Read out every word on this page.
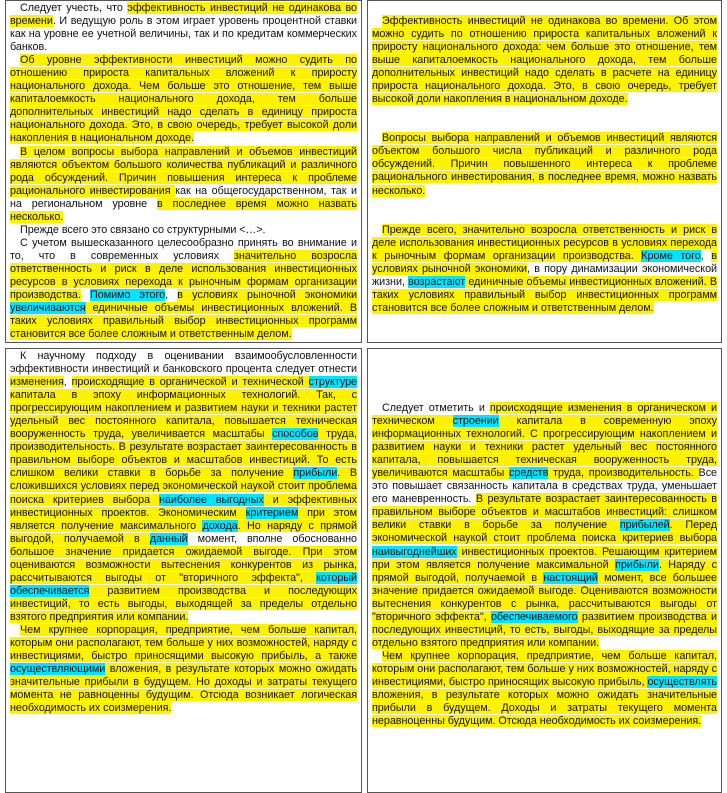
Следует учесть, что эффективность инвестиций не одинакова во времени. И ведущую роль в этом играет уровень процентной ставки как на уровне ее учетной величины, так и по кредитам коммерческих банков.

Об уровне эффективности инвестиций можно судить по отношению прироста капитальных вложений к приросту национального дохода. Чем больше это отношение, тем выше капиталоемкость национального дохода, тем больше дополнительных инвестиций надо сделать в единицу прироста национального дохода. Это, в свою очередь, требует высокой доли накопления в национальном доходе.

В целом вопросы выбора направлений и объемов инвестиций являются объектом большого количества публикаций и различного рода обсуждений. Причин повышения интереса к проблеме рационального инвестирования как на общегосударственном, так и на региональном уровне в последнее время можно назвать несколько.

Прежде всего это связано со структурными <…>.

С учетом вышесказанного целесообразно принять во внимание и то, что в современных условиях значительно возросла ответственность и риск в деле использования инвестиционных ресурсов в условиях перехода к рыночным формам организации производства. Помимо этого, в условиях рыночной экономики увеличиваются единичные объемы инвестиционных вложений. В таких условиях правильный выбор инвестиционных программ становится все более сложным и ответственным делом.

Эффективность инвестиций не одинакова во времени. Об этом можно судить по отношению прироста капитальных вложений к приросту национального дохода: чем больше это отношение, тем выше капиталоемкость национального дохода, тем больше дополнительных инвестиций надо сделать в расчете на единицу прироста национального дохода. Это, в свою очередь, требует высокой доли накопления в национальном доходе.

Вопросы выбора направлений и объемов инвестиций являются объектом большого числа публикаций и различного рода обсуждений. Причин повышенного интереса к проблеме рационального инвестирования, в последнее время, можно назвать несколько.

Прежде всего, значительно возросла ответственность и риск в деле использования инвестиционных ресурсов в условиях перехода к рыночным формам организации производства. Кроме того, в условиях рыночной экономики, в пору динамизации экономической жизни, возрастают единичные объемы инвестиционных вложений. В таких условиях правильный выбор инвестиционных программ становится все более сложным и ответственным делом.

К научному подходу в оценивании взаимообусловленности эффективности инвестиций и банковского процента следует отнести изменения, происходящие в органической и технической структуре капитала в эпоху информационных технологий. Так, с прогрессирующим накоплением и развитием науки и техники растет удельный вес постоянного капитала, повышается техническая вооруженность труда, увеличивается масштабы способов труда, производительность. В результате возрастает заинтересованность в правильном выборе объектов и масштабов инвестиций. То есть слишком велики ставки в борьбе за получение прибыли. В сложившихся условиях перед экономической наукой стоит проблема поиска критериев выбора наиболее выгодных и эффективных инвестиционных проектов. Экономическим критерием при этом является получение максимального дохода. Но наряду с прямой выгодой, получаемой в данный момент, вполне обоснованно большое значение придается ожидаемой выгоде. При этом оцениваются возможности вытеснения конкурентов из рынка, рассчитываются выгоды от "вторичного эффекта", который обеспечивается развитием производства и последующих инвестиций, то есть выгоды, выходящей за пределы отдельно взятого предприятия или компании.

Чем крупнее корпорация, предприятие, чем больше капитал, которым они располагают, тем больше у них возможностей, наряду с инвестициями, быстро приносящими высокую прибыль, а также осуществляющими вложения, в результате которых можно ожидать значительные прибыли в будущем. Но доходы и затраты текущего момента не равноценны будущим. Отсюда возникает логическая необходимость их соизмерения.

Следует отметить и происходящие изменения в органическом и техническом строении капитала в современную эпоху информационных технологий. С прогрессирующим накоплением и развитием науки и техники растет удельный вес постоянного капитала, повышается техническая вооруженность труда, увеличиваются масштабы средств труда, производительность. Все это повышает связанность капитала в средствах труда, уменьшает его маневренность. В результате возрастает заинтересованность в правильном выборе объектов и масштабов инвестиций: слишком велики ставки в борьбе за получение прибылей. Перед экономической наукой стоит проблема поиска критериев выбора наивыгоднейших инвестиционных проектов. Решающим критерием при этом является получение максимальной прибыли. Наряду с прямой выгодой, получаемой в настоящий момент, все большее значение придается ожидаемой выгоде. Оцениваются возможности вытеснения конкурентов с рынка, рассчитываются выгоды от "вторичного эффекта", обеспечиваемого развитием производства и последующих инвестиций, то есть, выгоды, выходящие за пределы отдельно взятого предприятия или компании.

Чем крупнее корпорация, предприятие, чем больше капитал, которым они располагают, тем больше у них возможностей, наряду с инвестициями, быстро приносящих высокую прибыль, осуществлять вложения, в результате которых можно ожидать значительные прибыли в будущем. Доходы и затраты текущего момента неравноценны будущим. Отсюда необходимость их соизмерения.
